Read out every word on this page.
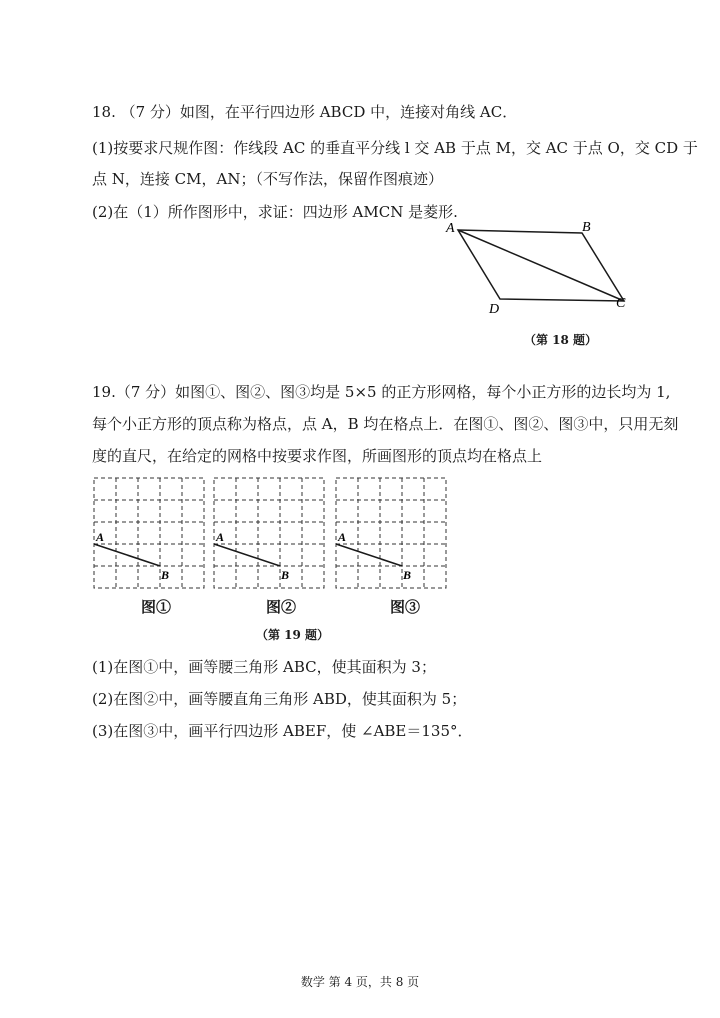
18. （7 分）如图，在平行四边形 ABCD 中，连接对角线 AC．
(1)按要求尺规作图：作线段 AC 的垂直平分线 l 交 AB 于点 M，交 AC 于点 O，交 CD 于
点 N，连接 CM，AN；（不写作法，保留作图痕迹）
(2)在（1）所作图形中，求证：四边形 AMCN 是菱形.
A	B
C
D
（第 18 题）
19.（7 分）如图①、图②、图③均是 5×5 的正方形网格，每个小正方形的边长均为 1,
每个小正方形的顶点称为格点，点 A，B 均在格点上．在图①、图②、图③中，只用无刻
度的直尺，在给定的网格中按要求作图，所画图形的顶点均在格点上
A
B
图①
A
B
图②
A
B
图③
（第 19 题）
(1)在图①中，画等腰三角形 ABC，使其面积为 3；
(2)在图②中，画等腰直角三角形 ABD，使其面积为 5；
(3)在图③中，画平行四边形 ABEF，使 ∠ABE＝135°．
数学 第 4 页，共 8 页
